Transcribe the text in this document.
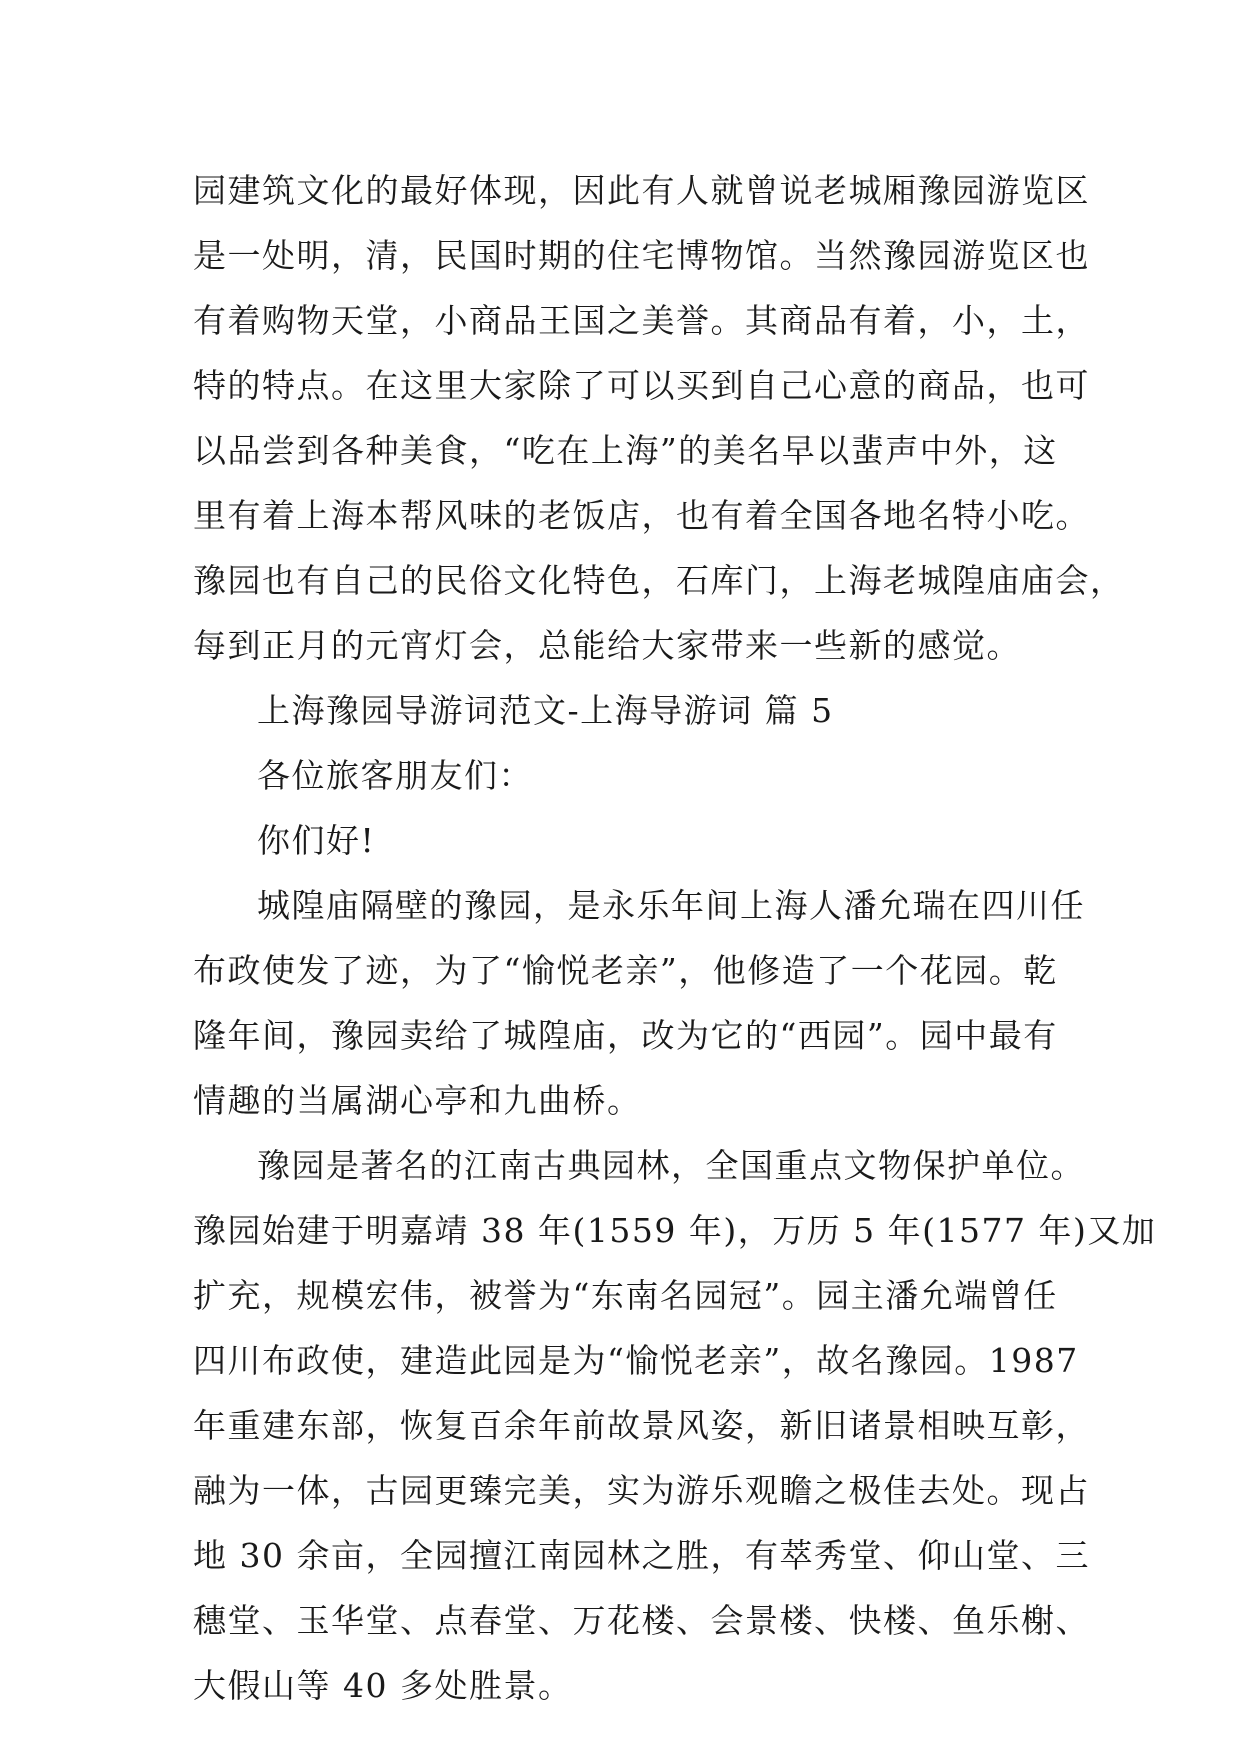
园建筑文化的最好体现，因此有人就曾说老城厢豫园游览区
是一处明，清，民国时期的住宅博物馆。当然豫园游览区也
有着购物天堂，小商品王国之美誉。其商品有着，小，土，
特的特点。在这里大家除了可以买到自己心意的商品，也可
以品尝到各种美食，“吃在上海”的美名早以蜚声中外，这
里有着上海本帮风味的老饭店，也有着全国各地名特小吃。
豫园也有自己的民俗文化特色，石库门，上海老城隍庙庙会，
每到正月的元宵灯会，总能给大家带来一些新的感觉。
上海豫园导游词范文-上海导游词 篇 5
各位旅客朋友们：
你们好!
城隍庙隔壁的豫园，是永乐年间上海人潘允瑞在四川任
布政使发了迹，为了“愉悦老亲”，他修造了一个花园。乾
隆年间，豫园卖给了城隍庙，改为它的“西园”。园中最有
情趣的当属湖心亭和九曲桥。
豫园是著名的江南古典园林，全国重点文物保护单位。
豫园始建于明嘉靖 38 年(1559 年)，万历 5 年(1577 年)又加
扩充，规模宏伟，被誉为“东南名园冠”。园主潘允端曾任
四川布政使，建造此园是为“愉悦老亲”，故名豫园。1987
年重建东部，恢复百余年前故景风姿，新旧诸景相映互彰，
融为一体，古园更臻完美，实为游乐观瞻之极佳去处。现占
地 30 余亩，全园擅江南园林之胜，有萃秀堂、仰山堂、三
穗堂、玉华堂、点春堂、万花楼、会景楼、快楼、鱼乐榭、
大假山等 40 多处胜景。
